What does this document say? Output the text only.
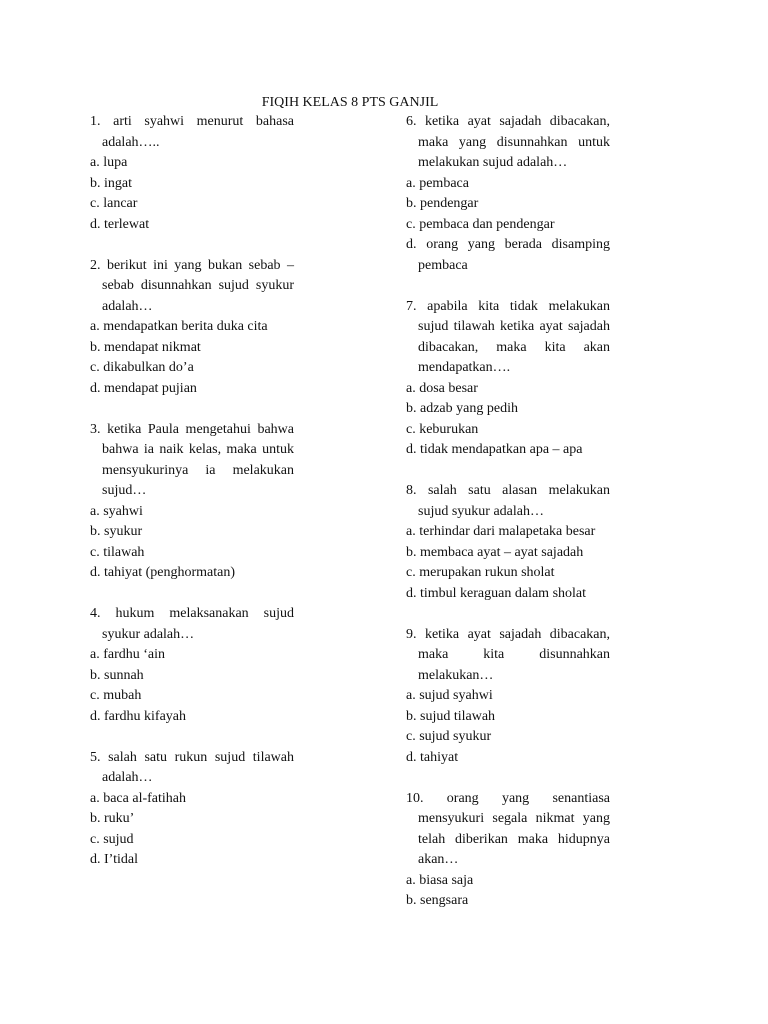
FIQIH KELAS 8 PTS GANJIL

1. arti syahwi menurut bahasa adalah…..

a. lupa

b. ingat

c. lancar

d. terlewat

2. berikut ini yang bukan sebab – sebab disunnahkan sujud syukur adalah…

a. mendapatkan berita duka cita

b. mendapat nikmat

c. dikabulkan do’a

d. mendapat pujian

3. ketika Paula mengetahui bahwa bahwa ia naik kelas, maka untuk mensyukurinya ia melakukan sujud…

a. syahwi

b. syukur

c. tilawah

d. tahiyat (penghormatan)

4. hukum melaksanakan sujud syukur adalah…

a. fardhu ‘ain

b. sunnah

c. mubah

d. fardhu kifayah

5. salah satu rukun sujud tilawah adalah…

a. baca al-fatihah

b. ruku’

c. sujud

d. I’tidal

6. ketika ayat sajadah dibacakan, maka yang disunnahkan untuk melakukan sujud adalah…

a. pembaca

b. pendengar

c. pembaca dan pendengar

d. orang yang berada disamping pembaca

7. apabila kita tidak melakukan sujud tilawah ketika ayat sajadah dibacakan, maka kita akan mendapatkan….

a. dosa besar

b. adzab yang pedih

c. keburukan

d. tidak mendapatkan apa – apa

8. salah satu alasan melakukan sujud syukur adalah…

a. terhindar dari malapetaka besar

b. membaca ayat – ayat sajadah

c. merupakan rukun sholat

d. timbul keraguan dalam sholat

9. ketika ayat sajadah dibacakan, maka kita disunnahkan melakukan…

a. sujud syahwi

b. sujud tilawah

c. sujud syukur

d. tahiyat

10. orang yang senantiasa mensyukuri segala nikmat yang telah diberikan maka hidupnya akan…

a. biasa saja

b. sengsara
